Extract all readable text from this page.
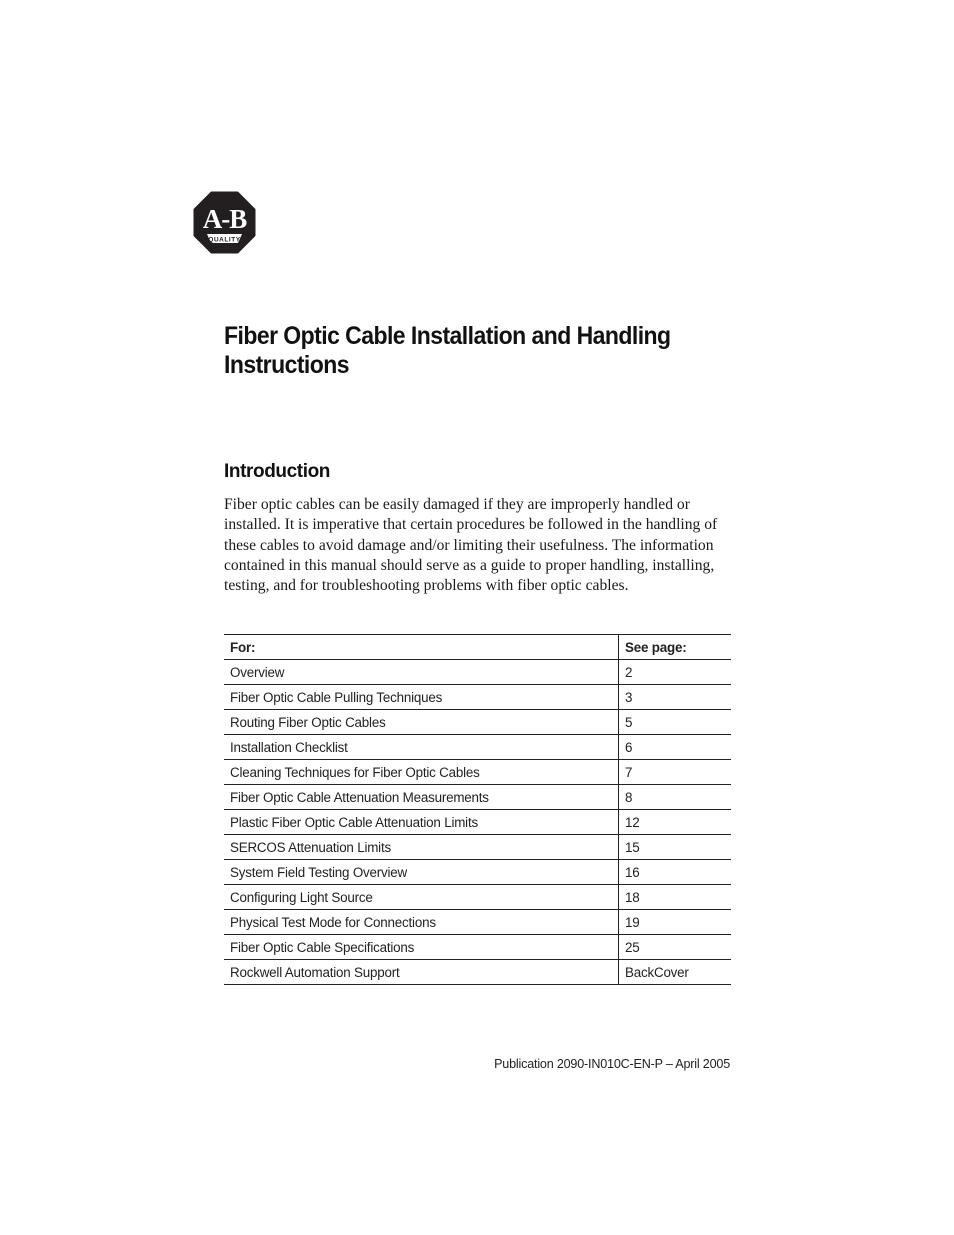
A‑B
QUALITY
Fiber Optic Cable Installation and Handling Instructions
Introduction

Fiber optic cables can be easily damaged if they are improperly handled or installed. It is imperative that certain procedures be followed in the handling of these cables to avoid damage and/or limiting their usefulness. The information contained in this manual should serve as a guide to proper handling, installing, testing, and for troubleshooting problems with fiber optic cables.

For:	See page:
Overview	2
Fiber Optic Cable Pulling Techniques	3
Routing Fiber Optic Cables	5
Installation Checklist	6
Cleaning Techniques for Fiber Optic Cables	7
Fiber Optic Cable Attenuation Measurements	8
Plastic Fiber Optic Cable Attenuation Limits	12
SERCOS Attenuation Limits	15
System Field Testing Overview	16
Configuring Light Source	18
Physical Test Mode for Connections	19
Fiber Optic Cable Specifications	25
Rockwell Automation Support	BackCover

Publication 2090-IN010C-EN-P – April 2005
